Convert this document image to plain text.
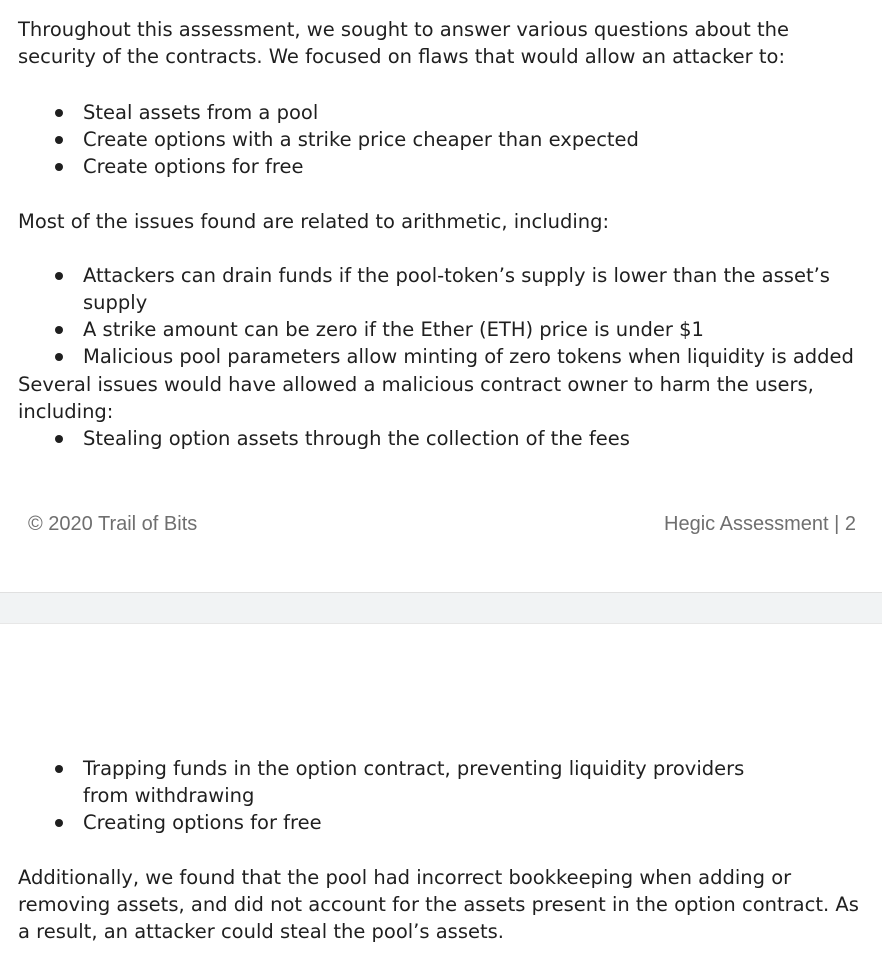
Throughout this assessment, we sought to answer various questions about the security of the contracts. We focused on flaws that would allow an attacker to:

Steal assets from a pool
Create options with a strike price cheaper than expected
Create options for free

Most of the issues found are related to arithmetic, including:

Attackers can drain funds if the pool-token’s supply is lower than the asset’s supply
A strike amount can be zero if the Ether (ETH) price is under $1
Malicious pool parameters allow minting of zero tokens when liquidity is added

Several issues would have allowed a malicious contract owner to harm the users, including:

Stealing option assets through the collection of the fees
© 2020 Trail of Bits	Hegic Assessment | 2
Trapping funds in the option contract, preventing liquidity providers from withdrawing
Creating options for free

Additionally, we found that the pool had incorrect bookkeeping when adding or removing assets, and did not account for the assets present in the option contract. As a result, an attacker could steal the pool’s assets.
